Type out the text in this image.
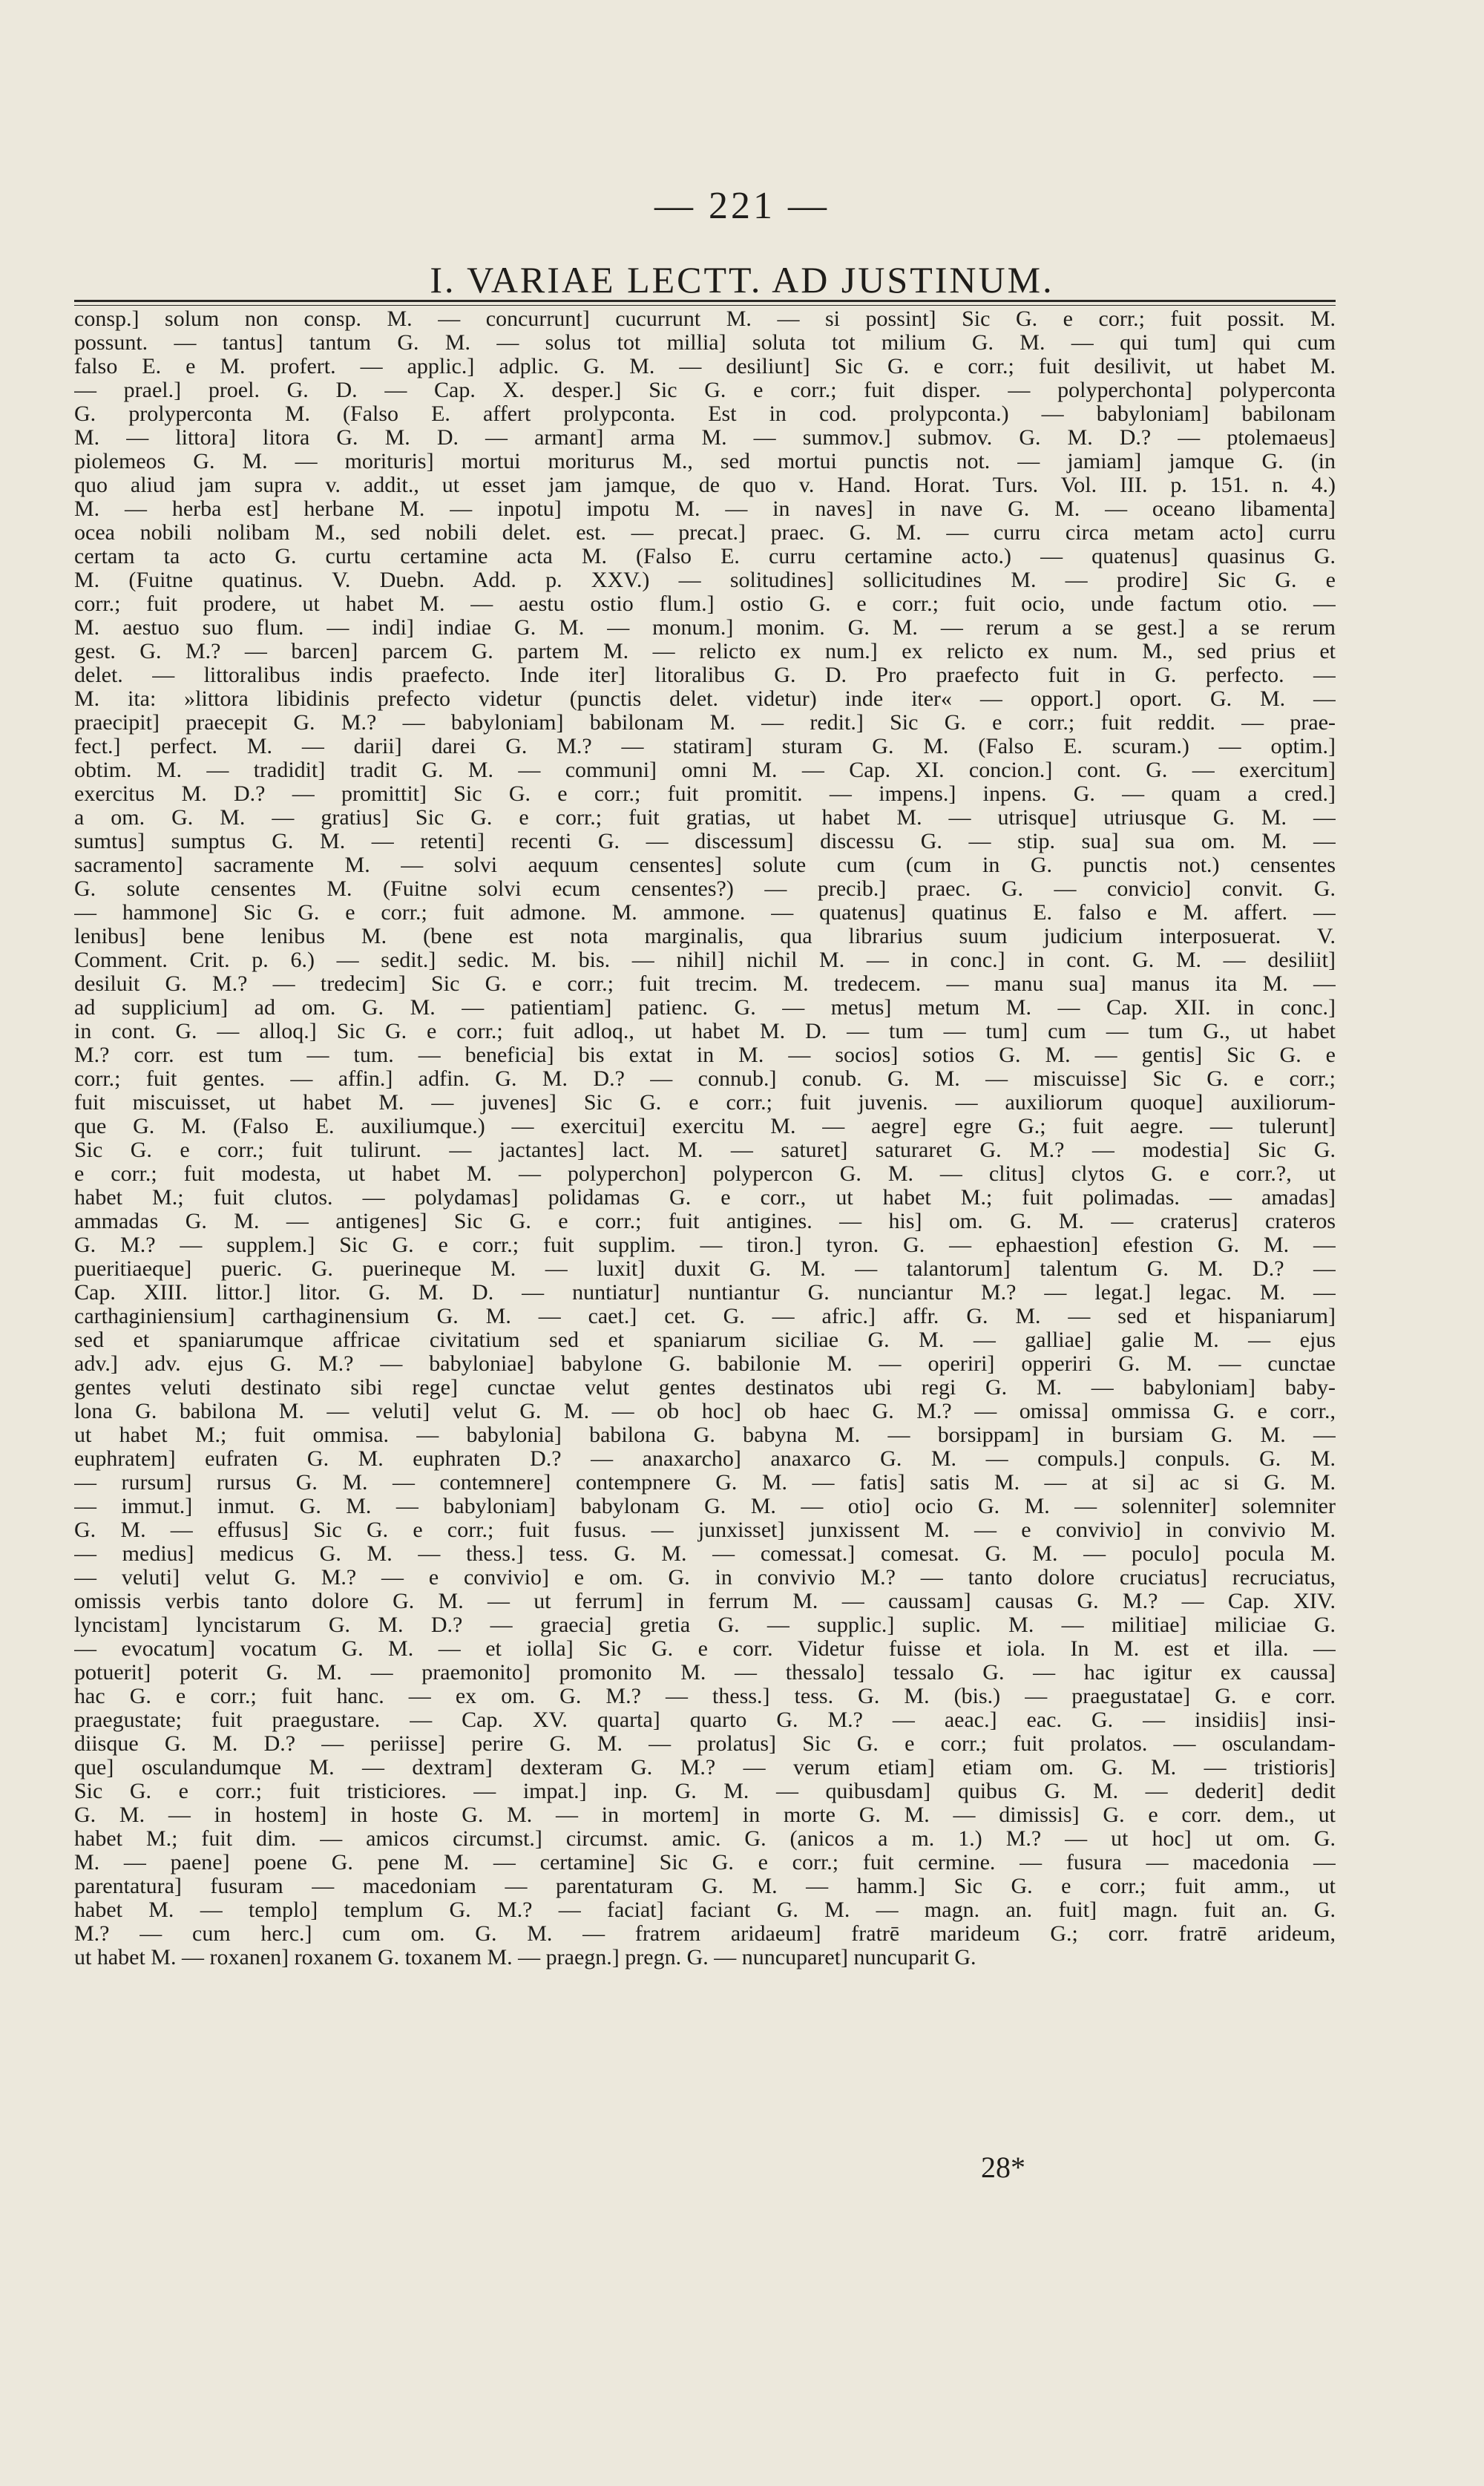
— 221 —
I. VARIAE LECTT. AD JUSTINUM.
consp.] solum non consp. M. — concurrunt] cucurrunt M. — si possint] Sic G. e corr.; fuit possit. M.
possunt. — tantus] tantum G. M. — solus tot millia] soluta tot milium G. M. — qui tum] qui cum
falso E. e M. profert. — applic.] adplic. G. M. — desiliunt] Sic G. e corr.; fuit desilivit, ut habet M.
— prael.] proel. G. D. — Cap. X. desper.] Sic G. e corr.; fuit disper. — polyperchonta] polyperconta
G. prolyperconta M. (Falso E. affert prolypconta. Est in cod. prolypconta.) — babyloniam] babilonam
M. — littora] litora G. M. D. — armant] arma M. — summov.] submov. G. M. D.? — ptolemaeus]
piolemeos G. M. — morituris] mortui moriturus M., sed mortui punctis not. — jamiam] jamque G. (in
quo aliud jam supra v. addit., ut esset jam jamque, de quo v. Hand. Horat. Turs. Vol. III. p. 151. n. 4.)
M. — herba est] herbane M. — inpotu] impotu M. — in naves] in nave G. M. — oceano libamenta]
ocea nobili nolibam M., sed nobili delet. est. — precat.] praec. G. M. — curru circa metam acto] curru
certam ta acto G. curtu certamine acta M. (Falso E. curru certamine acto.) — quatenus] quasinus G.
M. (Fuitne quatinus. V. Duebn. Add. p. XXV.) — solitudines] sollicitudines M. — prodire] Sic G. e
corr.; fuit prodere, ut habet M. — aestu ostio flum.] ostio G. e corr.; fuit ocio, unde factum otio. —
M. aestuo suo flum. — indi] indiae G. M. — monum.] monim. G. M. — rerum a se gest.] a se rerum
gest. G. M.? — barcen] parcem G. partem M. — relicto ex num.] ex relicto ex num. M., sed prius et
delet. — littoralibus indis praefecto. Inde iter] litoralibus G. D. Pro praefecto fuit in G. perfecto. —
M. ita: »littora libidinis prefecto videtur (punctis delet. videtur) inde iter« — opport.] oport. G. M. —
praecipit] praecepit G. M.? — babyloniam] babilonam M. — redit.] Sic G. e corr.; fuit reddit. — prae-
fect.] perfect. M. — darii] darei G. M.? — statiram] sturam G. M. (Falso E. scuram.) — optim.]
obtim. M. — tradidit] tradit G. M. — communi] omni M. — Cap. XI. concion.] cont. G. — exercitum]
exercitus M. D.? — promittit] Sic G. e corr.; fuit promitit. — impens.] inpens. G. — quam a cred.]
a om. G. M. — gratius] Sic G. e corr.; fuit gratias, ut habet M. — utrisque] utriusque G. M. —
sumtus] sumptus G. M. — retenti] recenti G. — discessum] discessu G. — stip. sua] sua om. M. —
sacramento] sacramente M. — solvi aequum censentes] solute cum (cum in G. punctis not.) censentes
G. solute censentes M. (Fuitne solvi ecum censentes?) — precib.] praec. G. — convicio] convit. G.
— hammone] Sic G. e corr.; fuit admone. M. ammone. — quatenus] quatinus E. falso e M. affert. —
lenibus] bene lenibus M. (bene est nota marginalis, qua librarius suum judicium interposuerat. V.
Comment. Crit. p. 6.) — sedit.] sedic. M. bis. — nihil] nichil M. — in conc.] in cont. G. M. — desiliit]
desiluit G. M.? — tredecim] Sic G. e corr.; fuit trecim. M. tredecem. — manu sua] manus ita M. —
ad supplicium] ad om. G. M. — patientiam] patienc. G. — metus] metum M. — Cap. XII. in conc.]
in cont. G. — alloq.] Sic G. e corr.; fuit adloq., ut habet M. D. — tum — tum] cum — tum G., ut habet
M.? corr. est tum — tum. — beneficia] bis extat in M. — socios] sotios G. M. — gentis] Sic G. e
corr.; fuit gentes. — affin.] adfin. G. M. D.? — connub.] conub. G. M. — miscuisse] Sic G. e corr.;
fuit miscuisset, ut habet M. — juvenes] Sic G. e corr.; fuit juvenis. — auxiliorum quoque] auxiliorum-
que G. M. (Falso E. auxiliumque.) — exercitui] exercitu M. — aegre] egre G.; fuit aegre. — tulerunt]
Sic G. e corr.; fuit tulirunt. — jactantes] lact. M. — saturet] saturaret G. M.? — modestia] Sic G.
e corr.; fuit modesta, ut habet M. — polyperchon] polypercon G. M. — clitus] clytos G. e corr.?, ut
habet M.; fuit clutos. — polydamas] polidamas G. e corr., ut habet M.; fuit polimadas. — amadas]
ammadas G. M. — antigenes] Sic G. e corr.; fuit antigines. — his] om. G. M. — craterus] crateros
G. M.? — supplem.] Sic G. e corr.; fuit supplim. — tiron.] tyron. G. — ephaestion] efestion G. M. —
pueritiaeque] pueric. G. puerineque M. — luxit] duxit G. M. — talantorum] talentum G. M. D.? —
Cap. XIII. littor.] litor. G. M. D. — nuntiatur] nuntiantur G. nunciantur M.? — legat.] legac. M. —
carthaginiensium] carthaginensium G. M. — caet.] cet. G. — afric.] affr. G. M. — sed et hispaniarum]
sed et spaniarumque affricae civitatium sed et spaniarum siciliae G. M. — galliae] galie M. — ejus
adv.] adv. ejus G. M.? — babyloniae] babylone G. babilonie M. — operiri] opperiri G. M. — cunctae
gentes veluti destinato sibi rege] cunctae velut gentes destinatos ubi regi G. M. — babyloniam] baby-
lona G. babilona M. — veluti] velut G. M. — ob hoc] ob haec G. M.? — omissa] ommissa G. e corr.,
ut habet M.; fuit ommisa. — babylonia] babilona G. babyna M. — borsippam] in bursiam G. M. —
euphratem] eufraten G. M. euphraten D.? — anaxarcho] anaxarco G. M. — compuls.] conpuls. G. M.
— rursum] rursus G. M. — contemnere] contempnere G. M. — fatis] satis M. — at si] ac si G. M.
— immut.] inmut. G. M. — babyloniam] babylonam G. M. — otio] ocio G. M. — solenniter] solemniter
G. M. — effusus] Sic G. e corr.; fuit fusus. — junxisset] junxissent M. — e convivio] in convivio M.
— medius] medicus G. M. — thess.] tess. G. M. — comessat.] comesat. G. M. — poculo] pocula M.
— veluti] velut G. M.? — e convivio] e om. G. in convivio M.? — tanto dolore cruciatus] recruciatus,
omissis verbis tanto dolore G. M. — ut ferrum] in ferrum M. — caussam] causas G. M.? — Cap. XIV.
lyncistam] lyncistarum G. M. D.? — graecia] gretia G. — supplic.] suplic. M. — militiae] miliciae G.
— evocatum] vocatum G. M. — et iolla] Sic G. e corr. Videtur fuisse et iola. In M. est et illa. —
potuerit] poterit G. M. — praemonito] promonito M. — thessalo] tessalo G. — hac igitur ex caussa]
hac G. e corr.; fuit hanc. — ex om. G. M.? — thess.] tess. G. M. (bis.) — praegustatae] G. e corr.
praegustate; fuit praegustare. — Cap. XV. quarta] quarto G. M.? — aeac.] eac. G. — insidiis] insi-
diisque G. M. D.? — periisse] perire G. M. — prolatus] Sic G. e corr.; fuit prolatos. — osculandam-
que] osculandumque M. — dextram] dexteram G. M.? — verum etiam] etiam om. G. M. — tristioris]
Sic G. e corr.; fuit tristiciores. — impat.] inp. G. M. — quibusdam] quibus G. M. — dederit] dedit
G. M. — in hostem] in hoste G. M. — in mortem] in morte G. M. — dimissis] G. e corr. dem., ut
habet M.; fuit dim. — amicos circumst.] circumst. amic. G. (anicos a m. 1.) M.? — ut hoc] ut om. G.
M. — paene] poene G. pene M. — certamine] Sic G. e corr.; fuit cermine. — fusura — macedonia —
parentatura] fusuram — macedoniam — parentaturam G. M. — hamm.] Sic G. e corr.; fuit amm., ut
habet M. — templo] templum G. M.? — faciat] faciant G. M. — magn. an. fuit] magn. fuit an. G.
M.? — cum herc.] cum om. G. M. — fratrem aridaeum] fratrē marideum G.; corr. fratrē arideum,
ut habet M. — roxanen] roxanem G. toxanem M. — praegn.] pregn. G. — nuncuparet] nuncuparit G.
28*
